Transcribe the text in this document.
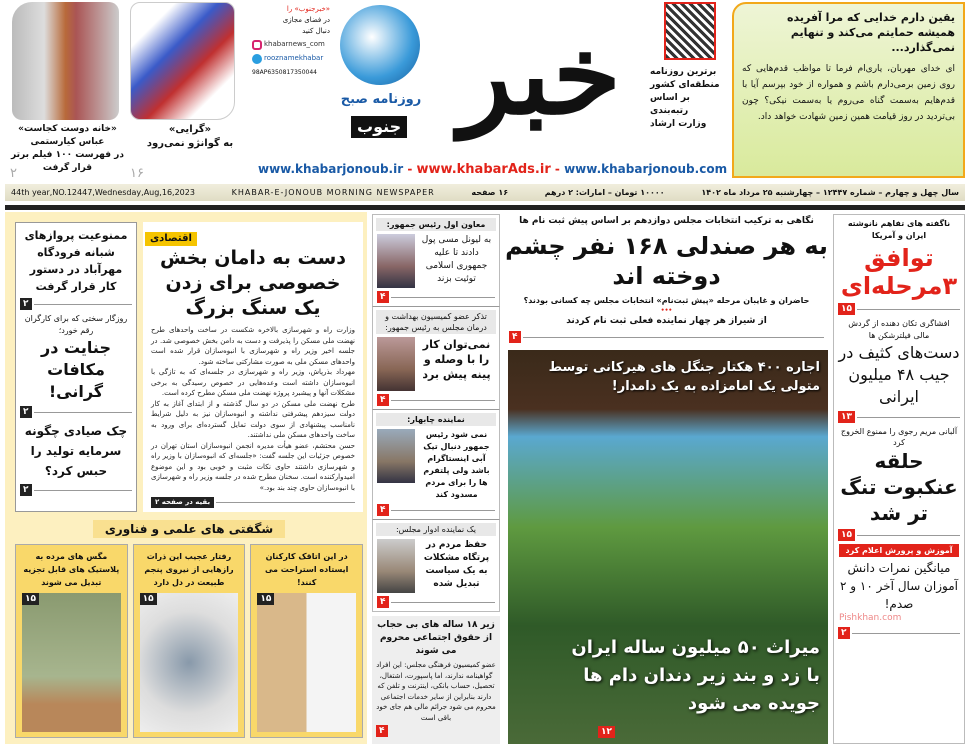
«خانه دوست کجاست» عباس کیارستمی
در فهرست ۱۰۰ فیلم برتر قرار گرفت
۲
«گرایی»
به گوانژو نمی‌رود
۱۶
«خبرجنوب» را
در فضای مجازی
دنبال کنید
khabarnews_com
rooznamekhabar
98AP6350817350044
روزنامه صبح
جنوب خبر	برترین روزنامه
منطقه‌ای کشور
بر اساس
رتبه‌بندی
وزارت ارشاد
یقین دارم خدایی که مرا آفریده
همیشه حمایتم می‌کند و تنهایم نمی‌گذارد...
ای خدای مهربان، یاری‌ام فرما تا مواظب قدم‌هایی که روی زمین برمی‌دارم باشم و همواره از خود بپرسم آیا با قدم‌هایم به‌سمت گناه می‌روم یا به‌سمت نیکی؟ چون بی‌تردید در روز قیامت همین زمین شهادت خواهد داد.
www.khabarjonoub.ir - www.khabarAds.ir - www.khabarjonoub.com
سال چهل و چهارم – شماره ۱۲۴۴۷ – چهارشنبه ۲۵ مرداد ماه ۱۴۰۲
۱۰۰۰۰ تومان – امارات: ۲ درهم
۱۶ صفحه
KHABAR-E-JONOUB MORNING NEWSPAPER
44th year,NO.12447,Wednesday,Aug,16,2023
ناگفته های تفاهم نانوشته ایران و آمریکا
توافق ۳مرحله‌ای
۱۵
افشاگری تکان دهنده از گردش مالی فیلترشکن ها
دست‌های کثیف در جیب ۴۸ میلیون ایرانی
۱۳
آلبانی مریم رجوی را ممنوع الخروج کرد
حلقه عنکبوت تنگ تر شد
۱۵
آموزش و پرورش اعلام کرد
میانگین نمرات دانش آموزان سال آخر ۱۰ و ۲ صدم!
Pishkhan.com
۲
نگاهی به ترکیب انتخابات مجلس دوازدهم بر اساس پیش ثبت نام ها
به هر صندلی ۱۶۸ نفر چشم دوخته اند
حاضران و غایبان مرحله «پیش ثبت‌نام» انتخابات مجلس چه کسانی بودند؟
•••
از شیراز هر چهار نماینده فعلی ثبت نام کردند
۴
اجاره ۴۰۰ هکتار جنگل های هیرکانی توسط متولی یک امامزاده به یک دامدار!
میراث ۵۰ میلیون ساله ایران با زد و بند زیر دندان دام ها جویده می شود
۱۲
معاون اول رئیس جمهور:
به لیونل مسی پول دادند تا علیه جمهوری اسلامی توئیت بزند
۴
تذکر عضو کمیسیون بهداشت و درمان مجلس به رئیس جمهور:
نمی‌توان کار را با وصله و پینه پیش برد
۴
نماینده چابهار:
نمی شود رئیس جمهور دنبال تیک آبی اینستاگرام باشد ولی پلتفرم ها را برای مردم مسدود کند
۴
یک نماینده ادوار مجلس:
حفظ مردم در پرتگاه مشکلات به یک سیاست تبدیل شده
۴
زیر ۱۸ ساله های بی حجاب از حقوق اجتماعی محروم می شوند
عضو کمیسیون فرهنگی مجلس: این افراد گواهینامه ندارند، اما پاسپورت، اشتغال، تحصیل، حساب بانکی، اینترنت و تلفن که دارند بنابراین از سایر خدمات اجتماعی محروم می شود جرائم مالی هم جای خود باقی است
۴
اقتصادی
دست به دامان بخش خصوصی برای زدن یک سنگ بزرگ

وزارت راه و شهرسازی بالاخره شکست در ساخت واحدهای طرح نهضت ملی مسکن را پذیرفت و دست به دامن بخش خصوصی شد. در جلسه اخیر وزیر راه و شهرسازی با انبوه‌سازان قرار شده است واحدهای مسکن ملی به صورت مشارکتی ساخته شود.

مهرداد بذرپاش، وزیر راه و شهرسازی در جلسه‌ای که به تازگی با انبوه‌سازان داشته است وعده‌هایی در خصوص رسیدگی به برخی مشکلات آنها و پیشبرد پروژه نهضت ملی مسکن مطرح کرده است.

طرح نهضت ملی مسکن در دو سال گذشته و از ابتدای آغاز به کار دولت سیزدهم پیشرفتی نداشته و انبوه‌سازان نیز به دلیل شرایط نامناسب پیشنهادی از سوی دولت تمایل گسترده‌ای برای ورود به ساخت واحدهای مسکن ملی نداشتند.

حسن محتشم، عضو هیأت مدیره انجمن انبوه‌سازان استان تهران در خصوص جزئیات این جلسه گفت: «جلسه‌ای که انبوه‌سازان با وزیر راه و شهرسازی داشتند حاوی نکات مثبت و خوبی بود و این موضوع امیدوارکننده است. سخنان مطرح شده در جلسه وزیر راه و شهرسازی با انبوه‌سازان حاوی چند بند بود.»

بقیه در صفحه ۲
ممنوعیت پروازهای شبانه فرودگاه مهرآباد در دستور کار قرار گرفت
۲
روزگار سختی که برای کارگران رقم خورد؛
جنایت در مکافات گرانی!
۲
چک صیادی چگونه سرمایه تولید را حبس کرد؟
۲
شگفتی های علمی و فناوری
در این اتاقک کارکنان ایستاده استراحت می کنند!
۱۵
رفتار عجیب این ذرات رازهایی از نیروی پنجم طبیعت در دل دارد
۱۵
مگس های مرده به پلاستیک های قابل تجزیه تبدیل می شوند
۱۵
